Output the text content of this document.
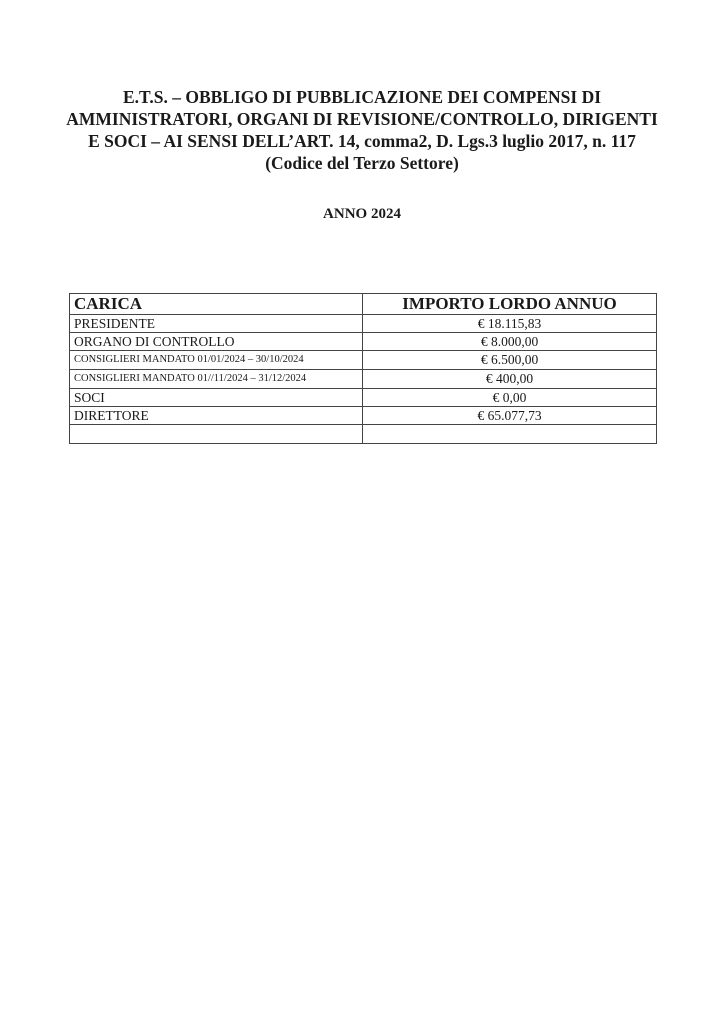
E.T.S. – OBBLIGO DI PUBBLICAZIONE DEI COMPENSI DI
AMMINISTRATORI, ORGANI DI REVISIONE/CONTROLLO, DIRIGENTI
E SOCI – AI SENSI DELL’ART. 14, comma2, D. Lgs.3 luglio 2017, n. 117
(Codice del Terzo Settore)
ANNO 2024
CARICA	IMPORTO LORDO ANNUO
PRESIDENTE	€ 18.115,83
ORGANO DI CONTROLLO	€ 8.000,00
CONSIGLIERI MANDATO 01/01/2024 – 30/10/2024	€ 6.500,00
CONSIGLIERI MANDATO 01//11/2024 – 31/12/2024	€ 400,00
SOCI	€ 0,00
DIRETTORE	€ 65.077,73
